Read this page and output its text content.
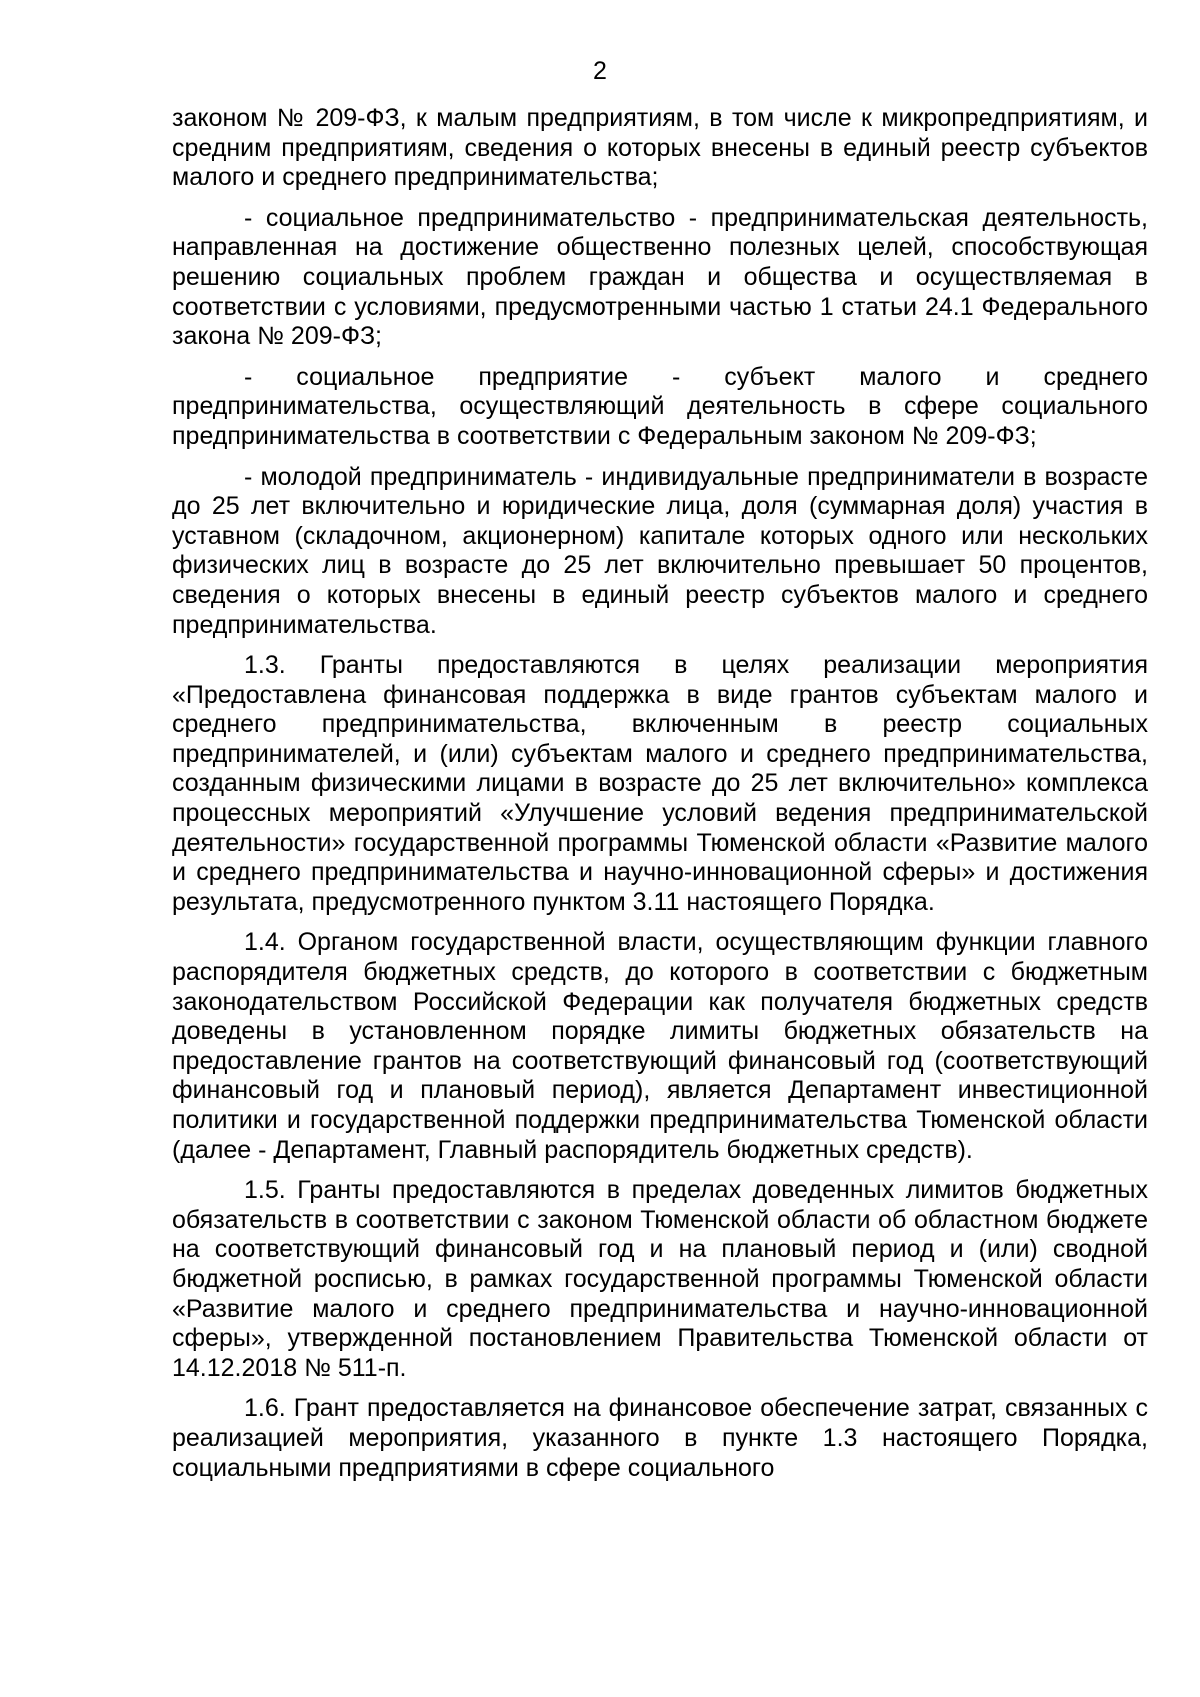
2

законом № 209-ФЗ, к малым предприятиям, в том числе к микропредприятиям, и средним предприятиям, сведения о которых внесены в единый реестр субъектов малого и среднего предпринимательства;

- социальное предпринимательство - предпринимательская деятельность, направленная на достижение общественно полезных целей, способствующая решению социальных проблем граждан и общества и осуществляемая в соответствии с условиями, предусмотренными частью 1 статьи 24.1 Федерального закона № 209-ФЗ;

- социальное предприятие - субъект малого и среднего предпринимательства, осуществляющий деятельность в сфере социального предпринимательства в соответствии с Федеральным законом № 209-ФЗ;

- молодой предприниматель - индивидуальные предприниматели в возрасте до 25 лет включительно и юридические лица, доля (суммарная доля) участия в уставном (складочном, акционерном) капитале которых одного или нескольких физических лиц в возрасте до 25 лет включительно превышает 50 процентов, сведения о которых внесены в единый реестр субъектов малого и среднего предпринимательства.

1.3. Гранты предоставляются в целях реализации мероприятия «Предоставлена финансовая поддержка в виде грантов субъектам малого и среднего предпринимательства, включенным в реестр социальных предпринимателей, и (или) субъектам малого и среднего предпринимательства, созданным физическими лицами в возрасте до 25 лет включительно» комплекса процессных мероприятий «Улучшение условий ведения предпринимательской деятельности» государственной программы Тюменской области «Развитие малого и среднего предпринимательства и научно-инновационной сферы» и достижения результата, предусмотренного пунктом 3.11 настоящего Порядка.

1.4. Органом государственной власти, осуществляющим функции главного распорядителя бюджетных средств, до которого в соответствии с бюджетным законодательством Российской Федерации как получателя бюджетных средств доведены в установленном порядке лимиты бюджетных обязательств на предоставление грантов на соответствующий финансовый год (соответствующий финансовый год и плановый период), является Департамент инвестиционной политики и государственной поддержки предпринимательства Тюменской области (далее - Департамент, Главный распорядитель бюджетных средств).

1.5. Гранты предоставляются в пределах доведенных лимитов бюджетных обязательств в соответствии с законом Тюменской области об областном бюджете на соответствующий финансовый год и на плановый период и (или) сводной бюджетной росписью, в рамках государственной программы Тюменской области «Развитие малого и среднего предпринимательства и научно-инновационной сферы», утвержденной постановлением Правительства Тюменской области от 14.12.2018 № 511-п.

1.6. Грант предоставляется на финансовое обеспечение затрат, связанных с реализацией мероприятия, указанного в пункте 1.3 настоящего Порядка, социальными предприятиями в сфере социального
